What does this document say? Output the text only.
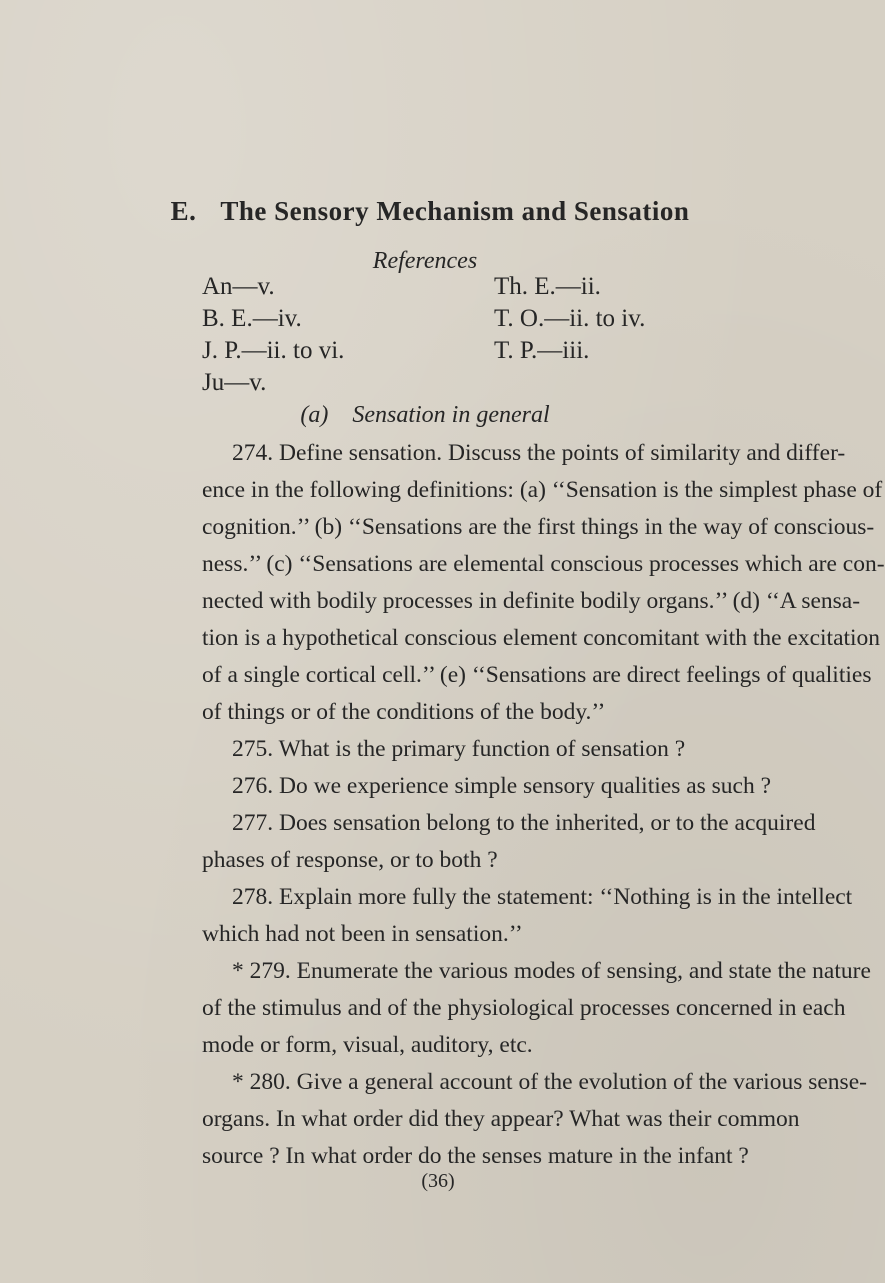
E. The Sensory Mechanism and Sensation
References
An—v.
B. E.—iv.
J. P.—ii. to vi.
Ju—v.
Th. E.—ii.
T. O.—ii. to iv.
T. P.—iii.
(a) Sensation in general
274. Define sensation. Discuss the points of similarity and differ-
ence in the following definitions: (a) ‘‘Sensation is the simplest phase of
cognition.’’ (b) ‘‘Sensations are the first things in the way of conscious-
ness.’’ (c) ‘‘Sensations are elemental conscious processes which are con-
nected with bodily processes in definite bodily organs.’’ (d) ‘‘A sensa-
tion is a hypothetical conscious element concomitant with the excitation
of a single cortical cell.’’ (e) ‘‘Sensations are direct feelings of qualities
of things or of the conditions of the body.’’
275. What is the primary function of sensation ?
276. Do we experience simple sensory qualities as such ?
277. Does sensation belong to the inherited, or to the acquired
phases of response, or to both ?
278. Explain more fully the statement: ‘‘Nothing is in the intellect
which had not been in sensation.’’
* 279. Enumerate the various modes of sensing, and state the nature
of the stimulus and of the physiological processes concerned in each
mode or form, visual, auditory, etc.
* 280. Give a general account of the evolution of the various sense-
organs. In what order did they appear? What was their common
source ? In what order do the senses mature in the infant ?
(36)
